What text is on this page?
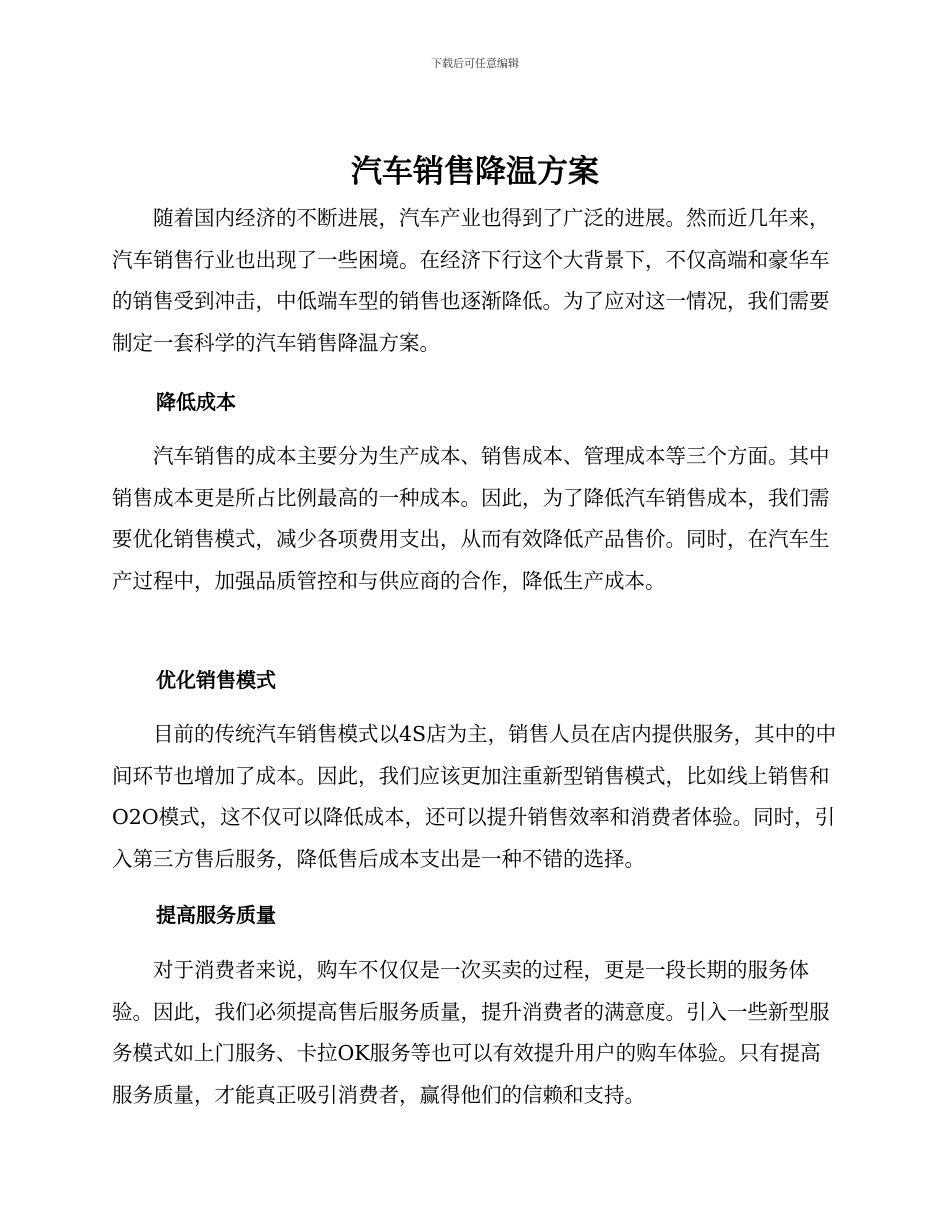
下载后可任意编辑
汽车销售降温方案

随着国内经济的不断进展，汽车产业也得到了广泛的进展。然而近几年来，汽车销售行业也出现了一些困境。在经济下行这个大背景下，不仅高端和豪华车的销售受到冲击，中低端车型的销售也逐渐降低。为了应对这一情况，我们需要制定一套科学的汽车销售降温方案。

降低成本

汽车销售的成本主要分为生产成本、销售成本、管理成本等三个方面。其中销售成本更是所占比例最高的一种成本。因此，为了降低汽车销售成本，我们需要优化销售模式，减少各项费用支出，从而有效降低产品售价。同时，在汽车生产过程中，加强品质管控和与供应商的合作，降低生产成本。

优化销售模式

目前的传统汽车销售模式以4S店为主，销售人员在店内提供服务，其中的中间环节也增加了成本。因此，我们应该更加注重新型销售模式，比如线上销售和O2O模式，这不仅可以降低成本，还可以提升销售效率和消费者体验。同时，引入第三方售后服务，降低售后成本支出是一种不错的选择。

提高服务质量

对于消费者来说，购车不仅仅是一次买卖的过程，更是一段长期的服务体验。因此，我们必须提高售后服务质量，提升消费者的满意度。引入一些新型服务模式如上门服务、卡拉OK服务等也可以有效提升用户的购车体验。只有提高服务质量，才能真正吸引消费者，赢得他们的信赖和支持。
